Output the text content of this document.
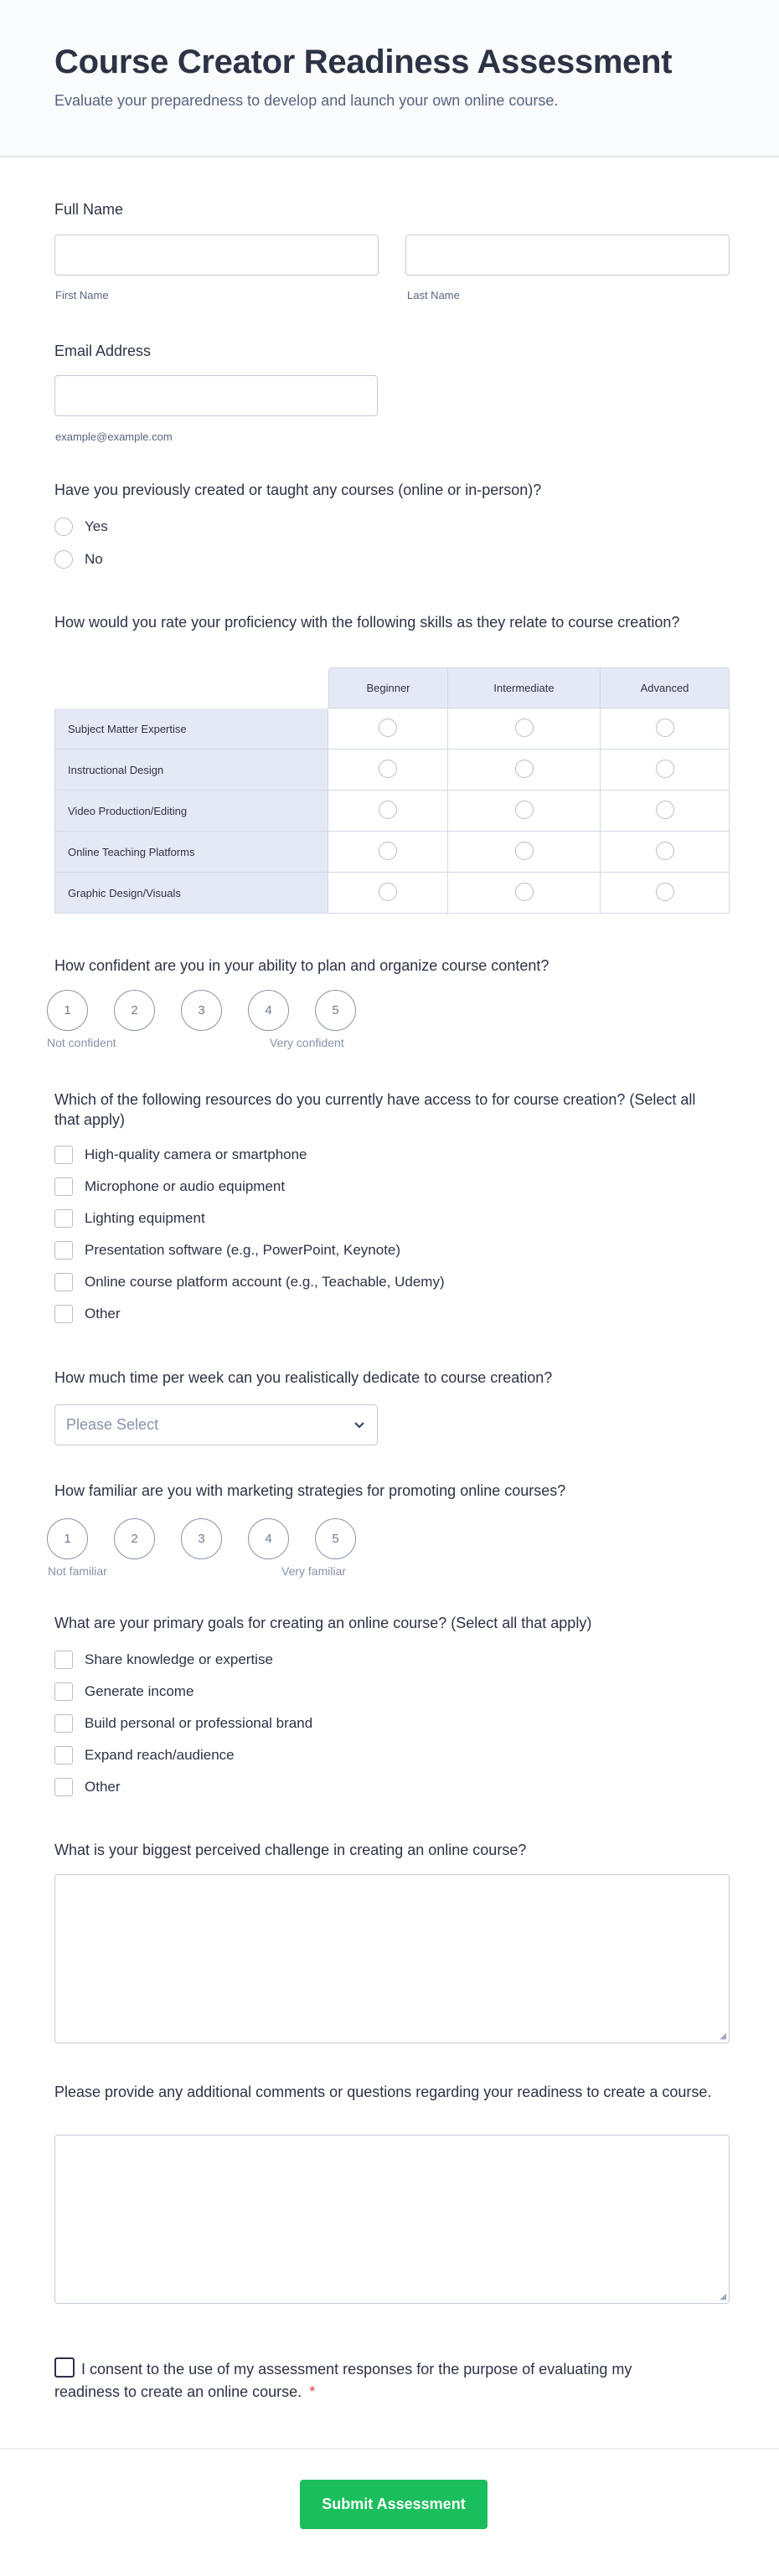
Course Creator Readiness Assessment
Evaluate your preparedness to develop and launch your own online course.
Full Name
First Name	Last Name
Email Address
example@example.com
Have you previously created or taught any courses (online or in-person)?
Yes
No
How would you rate your proficiency with the following skills as they relate to course creation?
	Beginner	Intermediate	Advanced
Subject Matter Expertise			
Instructional Design			
Video Production/Editing			
Online Teaching Platforms			
Graphic Design/Visuals			
How confident are you in your ability to plan and organize course content?
1	2	3	4	5
Not confident	Very confident
Which of the following resources do you currently have access to for course creation? (Select all that apply)
High-quality camera or smartphone
Microphone or audio equipment
Lighting equipment
Presentation software (e.g., PowerPoint, Keynote)
Online course platform account (e.g., Teachable, Udemy)
Other
How much time per week can you realistically dedicate to course creation?
Please Select
How familiar are you with marketing strategies for promoting online courses?
1	2	3	4	5
Not familiar	Very familiar
What are your primary goals for creating an online course? (Select all that apply)
Share knowledge or expertise
Generate income
Build personal or professional brand
Expand reach/audience
Other
What is your biggest perceived challenge in creating an online course?
◢
Please provide any additional comments or questions regarding your readiness to create a course.
◢
I consent to the use of my assessment responses for the purpose of evaluating my readiness to create an online course. *
Submit Assessment
